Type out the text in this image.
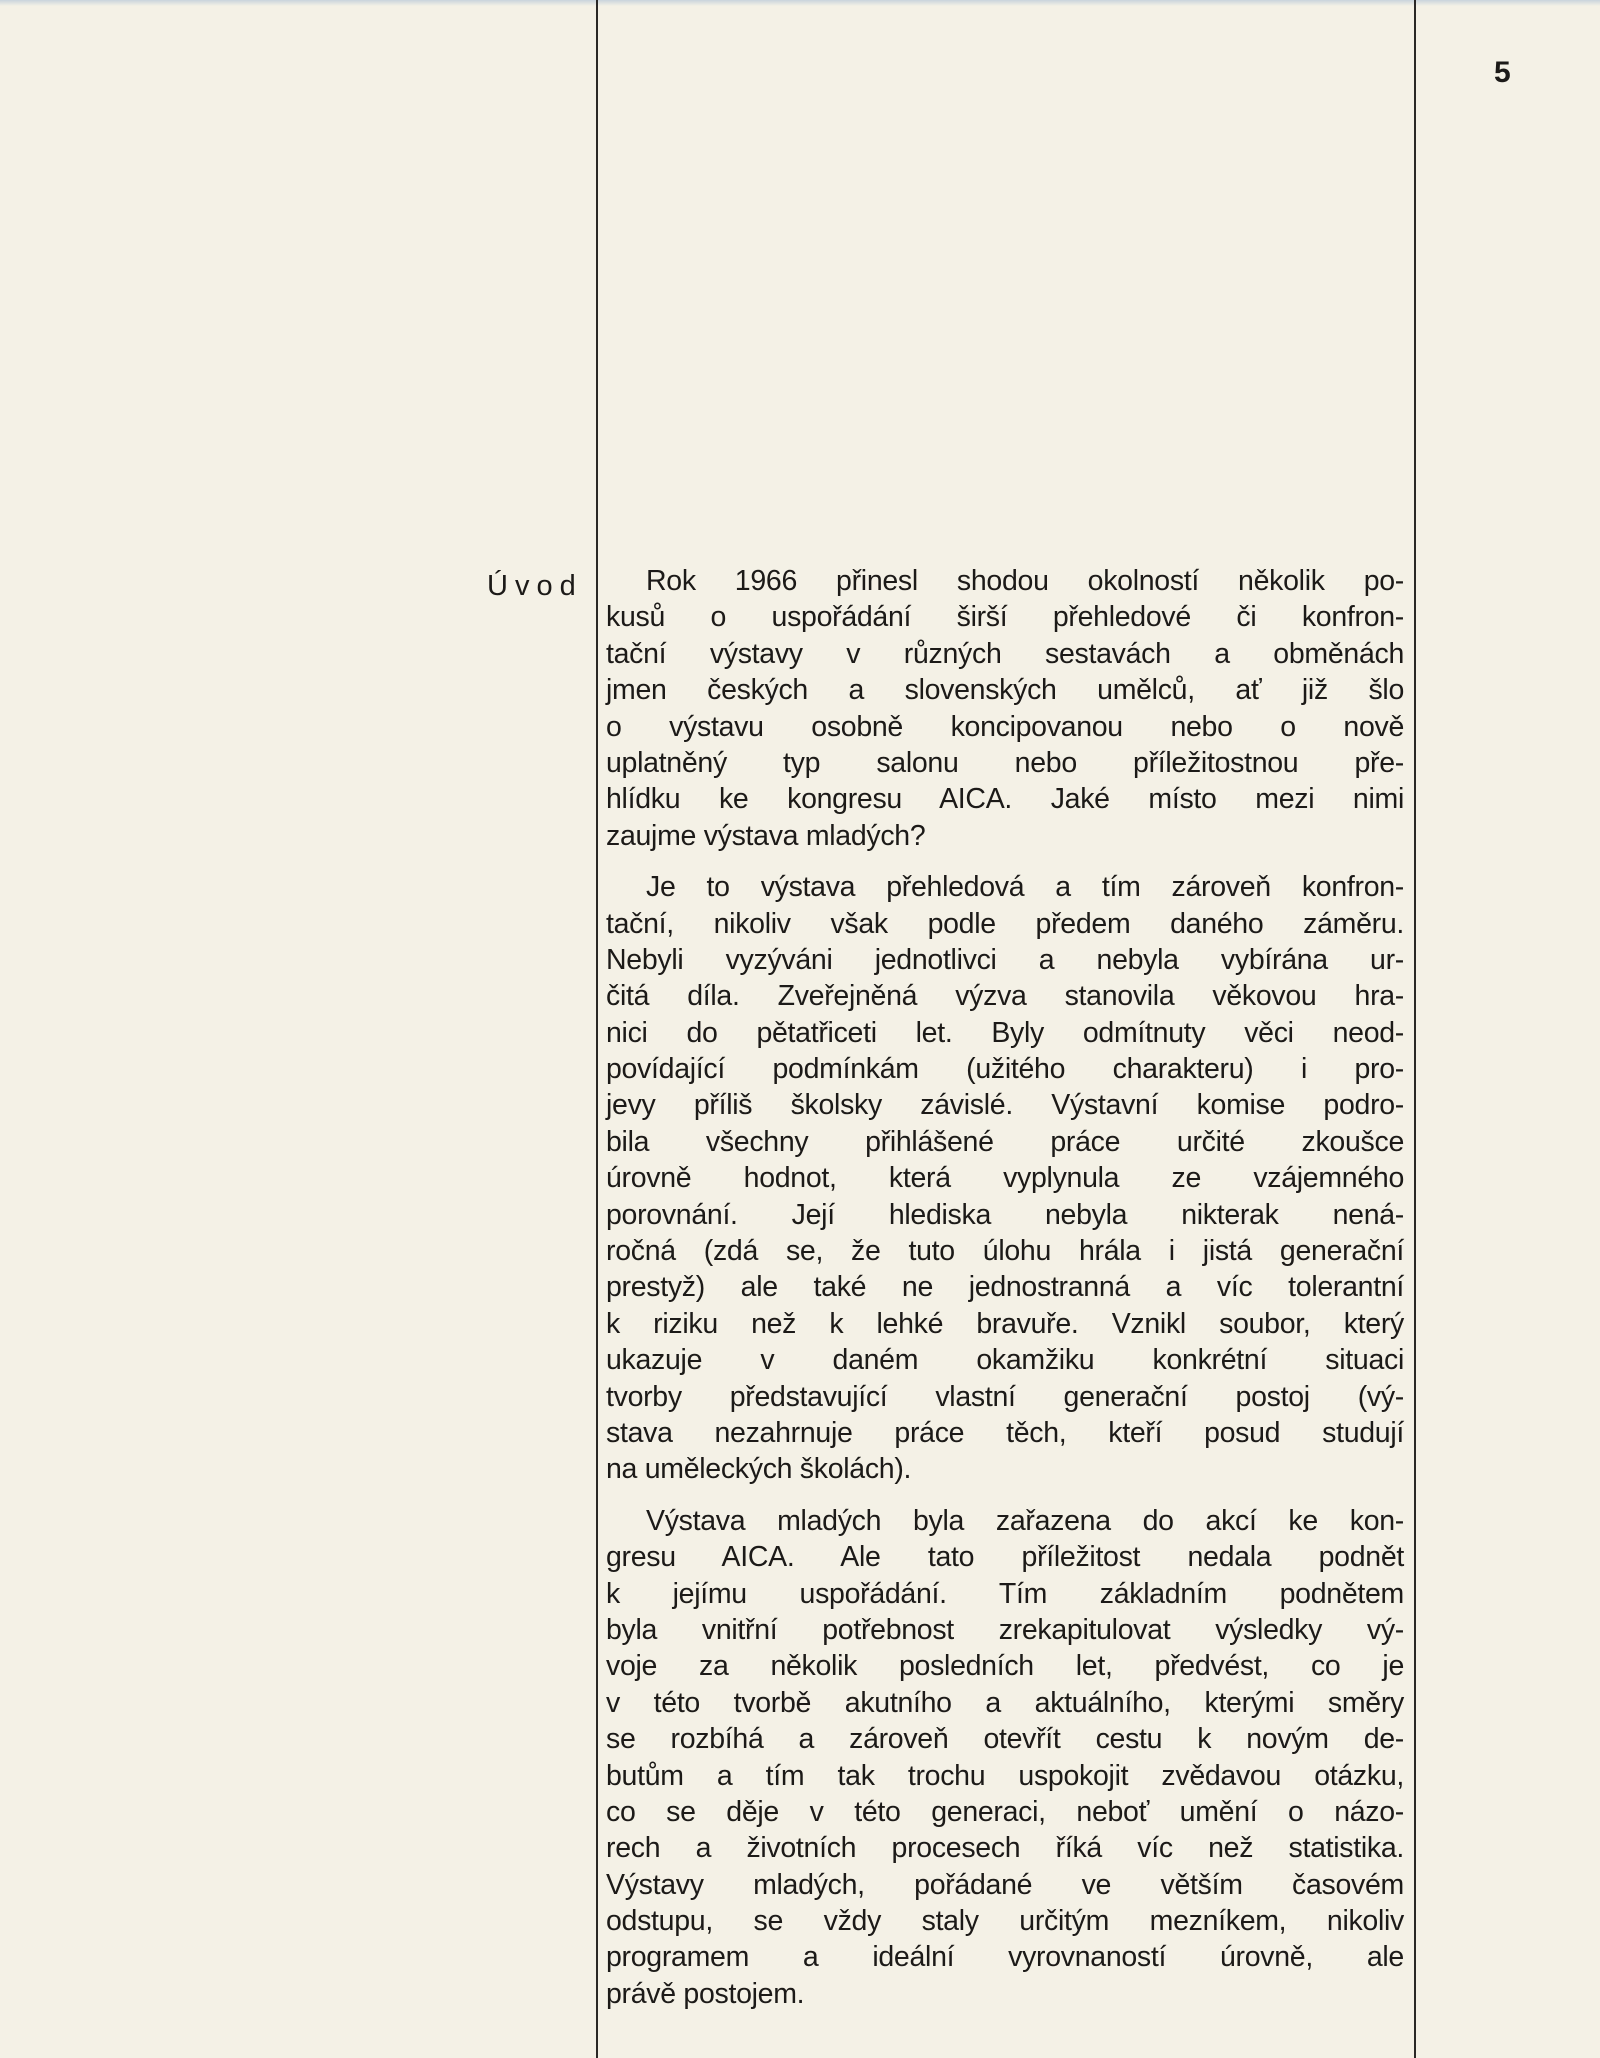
5
Úvod	Rok 1966 přinesl shodou okolností několik po-
kusů o uspořádání širší přehledové či konfron-
tační výstavy v různých sestavách a obměnách
jmen českých a slovenských umělců, ať již šlo
o výstavu osobně koncipovanou nebo o nově
uplatněný typ salonu nebo příležitostnou pře-
hlídku ke kongresu AICA. Jaké místo mezi nimi
zaujme výstava mladých?
Je to výstava přehledová a tím zároveň konfron-
tační, nikoliv však podle předem daného záměru.
Nebyli vyzýváni jednotlivci a nebyla vybírána ur-
čitá díla. Zveřejněná výzva stanovila věkovou hra-
nici do pětatřiceti let. Byly odmítnuty věci neod-
povídající podmínkám (užitého charakteru) i pro-
jevy příliš školsky závislé. Výstavní komise podro-
bila všechny přihlášené práce určité zkoušce
úrovně hodnot, která vyplynula ze vzájemného
porovnání. Její hlediska nebyla nikterak nená-
ročná (zdá se, že tuto úlohu hrála i jistá generační
prestyž) ale také ne jednostranná a víc tolerantní
k riziku než k lehké bravuře. Vznikl soubor, který
ukazuje v daném okamžiku konkrétní situaci
tvorby představující vlastní generační postoj (vý-
stava nezahrnuje práce těch, kteří posud studují
na uměleckých školách).
Výstava mladých byla zařazena do akcí ke kon-
gresu AICA. Ale tato příležitost nedala podnět
k jejímu uspořádání. Tím základním podnětem
byla vnitřní potřebnost zrekapitulovat výsledky vý-
voje za několik posledních let, předvést, co je
v této tvorbě akutního a aktuálního, kterými směry
se rozbíhá a zároveň otevřít cestu k novým de-
butům a tím tak trochu uspokojit zvědavou otázku,
co se děje v této generaci, neboť umění o názo-
rech a životních procesech říká víc než statistika.
Výstavy mladých, pořádané ve větším časovém
odstupu, se vždy staly určitým mezníkem, nikoliv
programem a ideální vyrovnaností úrovně, ale
právě postojem.
